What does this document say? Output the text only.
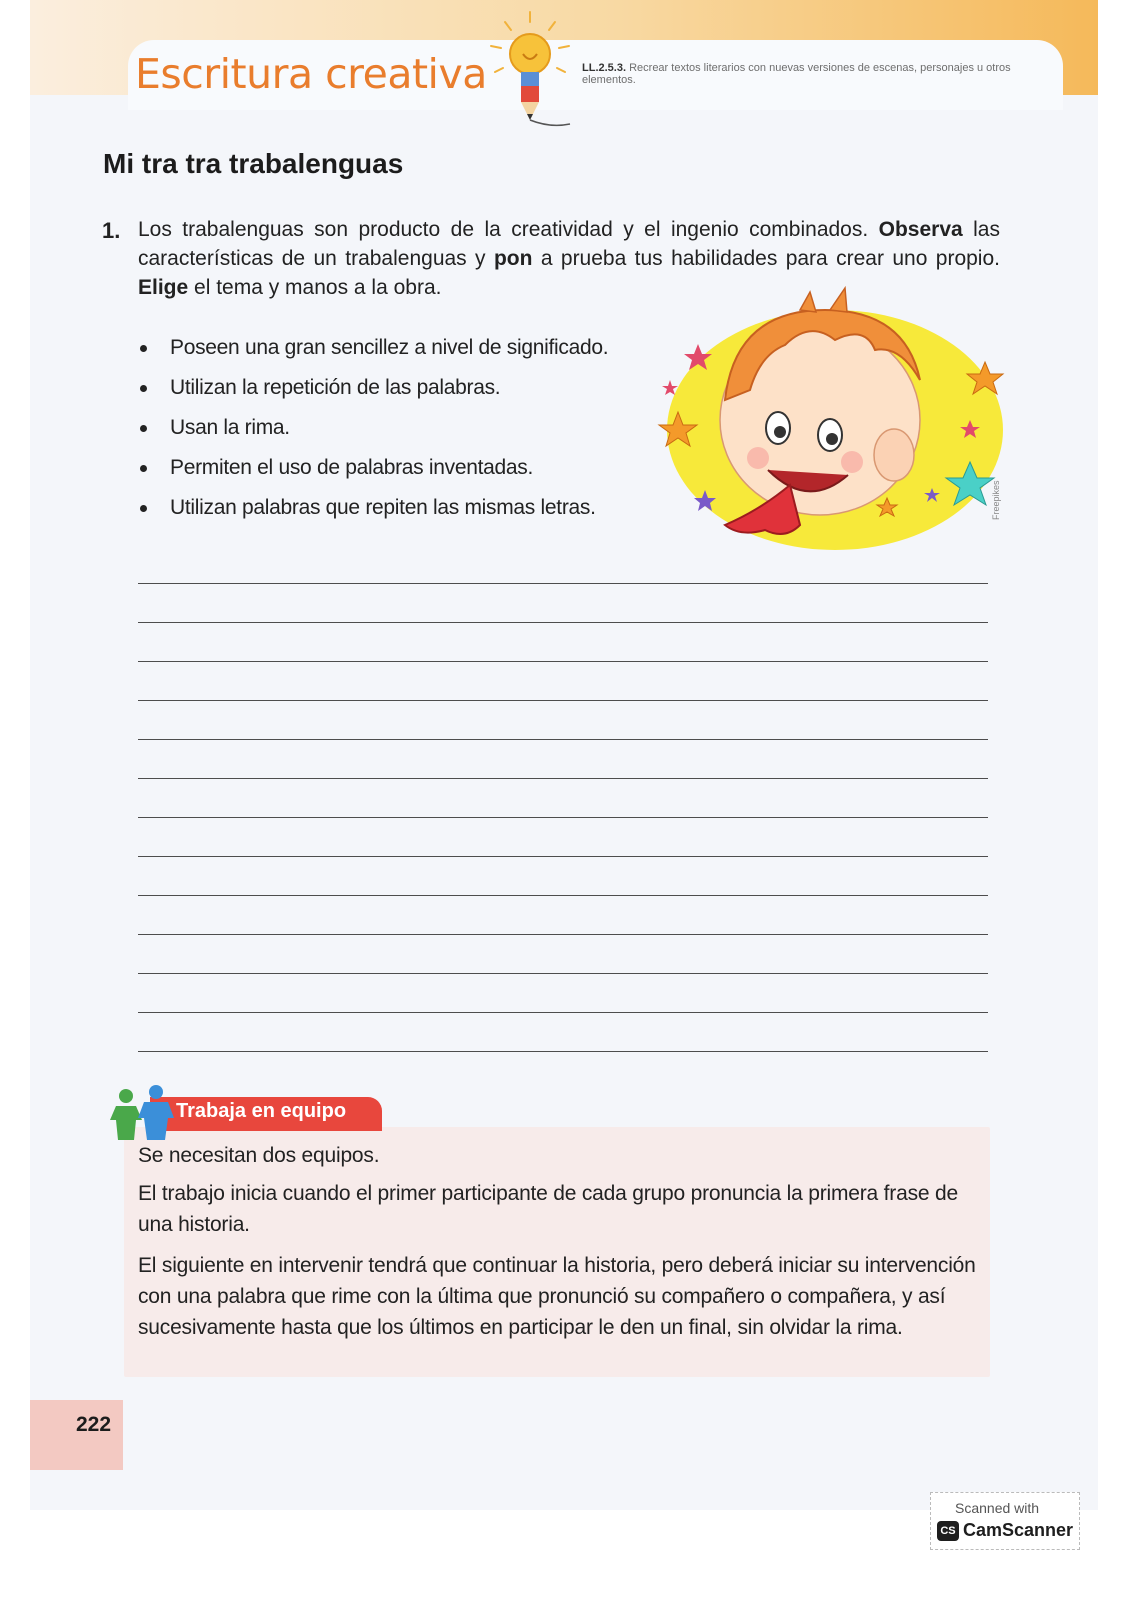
Escritura creativa	LL.2.5.3. Recrear textos literarios con nuevas versiones de escenas, personajes u otros elementos.
Mi tra tra trabalenguas
1. Los trabalenguas son producto de la creatividad y el ingenio combinados. Observa las características de un trabalenguas y pon a prueba tus habilidades para crear uno propio. Elige el tema y manos a la obra.
Poseen una gran sencillez a nivel de significado.
Utilizan la repetición de las palabras.
Usan la rima.
Permiten el uso de palabras inventadas.
Utilizan palabras que repiten las mismas letras.	Freepikes
Trabaja en equipo
Se necesitan dos equipos.
El trabajo inicia cuando el primer participante de cada grupo pronuncia la primera frase de una historia.
El siguiente en intervenir tendrá que continuar la historia, pero deberá iniciar su intervención con una palabra que rime con la última que pronunció su compañero o compañera, y así sucesivamente hasta que los últimos en participar le den un final, sin olvidar la rima.
222
Scanned with
CS CamScanner
